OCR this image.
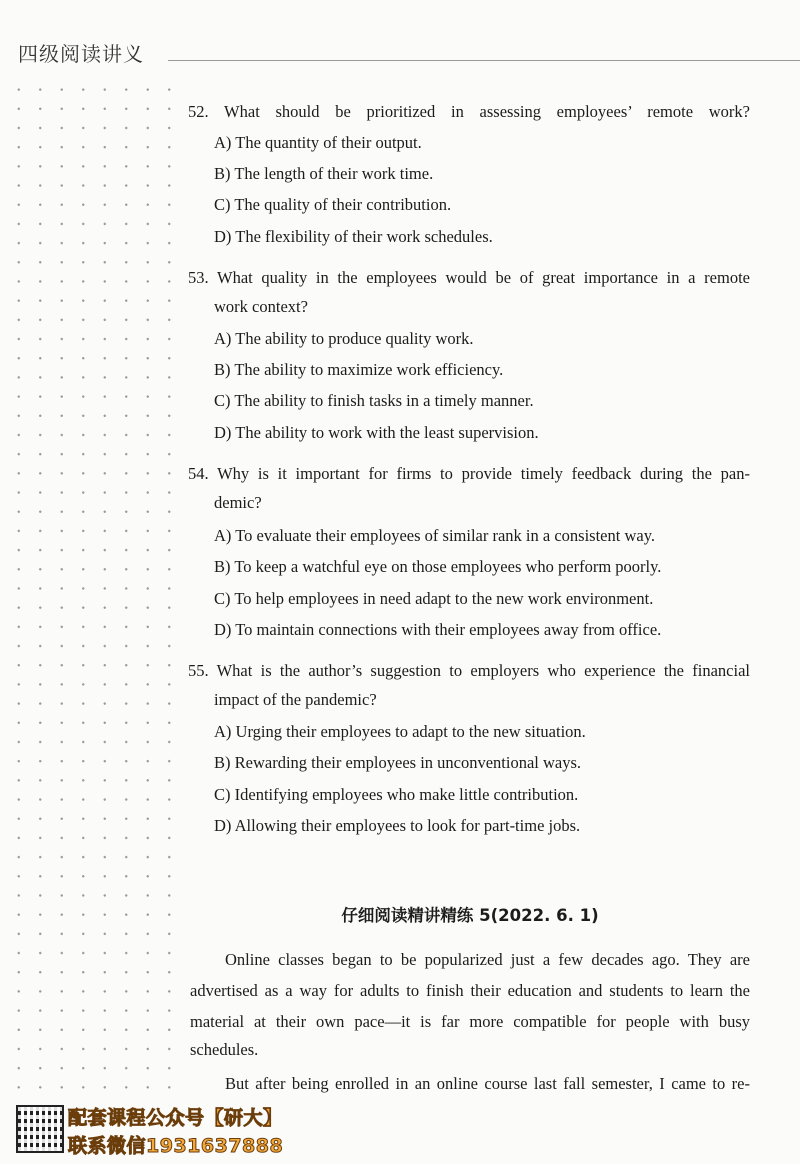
四级阅读讲义
52. What should be prioritized in assessing employees’ remote work?
A) The quantity of their output.
B) The length of their work time.
C) The quality of their contribution.
D) The flexibility of their work schedules.
53. What quality in the employees would be of great importance in a remote
work context?
A) The ability to produce quality work.
B) The ability to maximize work efficiency.
C) The ability to finish tasks in a timely manner.
D) The ability to work with the least supervision.
54. Why is it important for firms to provide timely feedback during the pan-
demic?
A) To evaluate their employees of similar rank in a consistent way.
B) To keep a watchful eye on those employees who perform poorly.
C) To help employees in need adapt to the new work environment.
D) To maintain connections with their employees away from office.
55. What is the author’s suggestion to employers who experience the financial
impact of the pandemic?
A) Urging their employees to adapt to the new situation.
B) Rewarding their employees in unconventional ways.
C) Identifying employees who make little contribution.
D) Allowing their employees to look for part-time jobs.
仔细阅读精讲精练 5(2022. 6. 1)
Online classes began to be popularized just a few decades ago. They are
advertised as a way for adults to finish their education and students to learn the
material at their own pace—it is far more compatible for people with busy
schedules.
But after being enrolled in an online course last fall semester, I came to re-
配套课程公众号【研大】
联系微信1931637888
